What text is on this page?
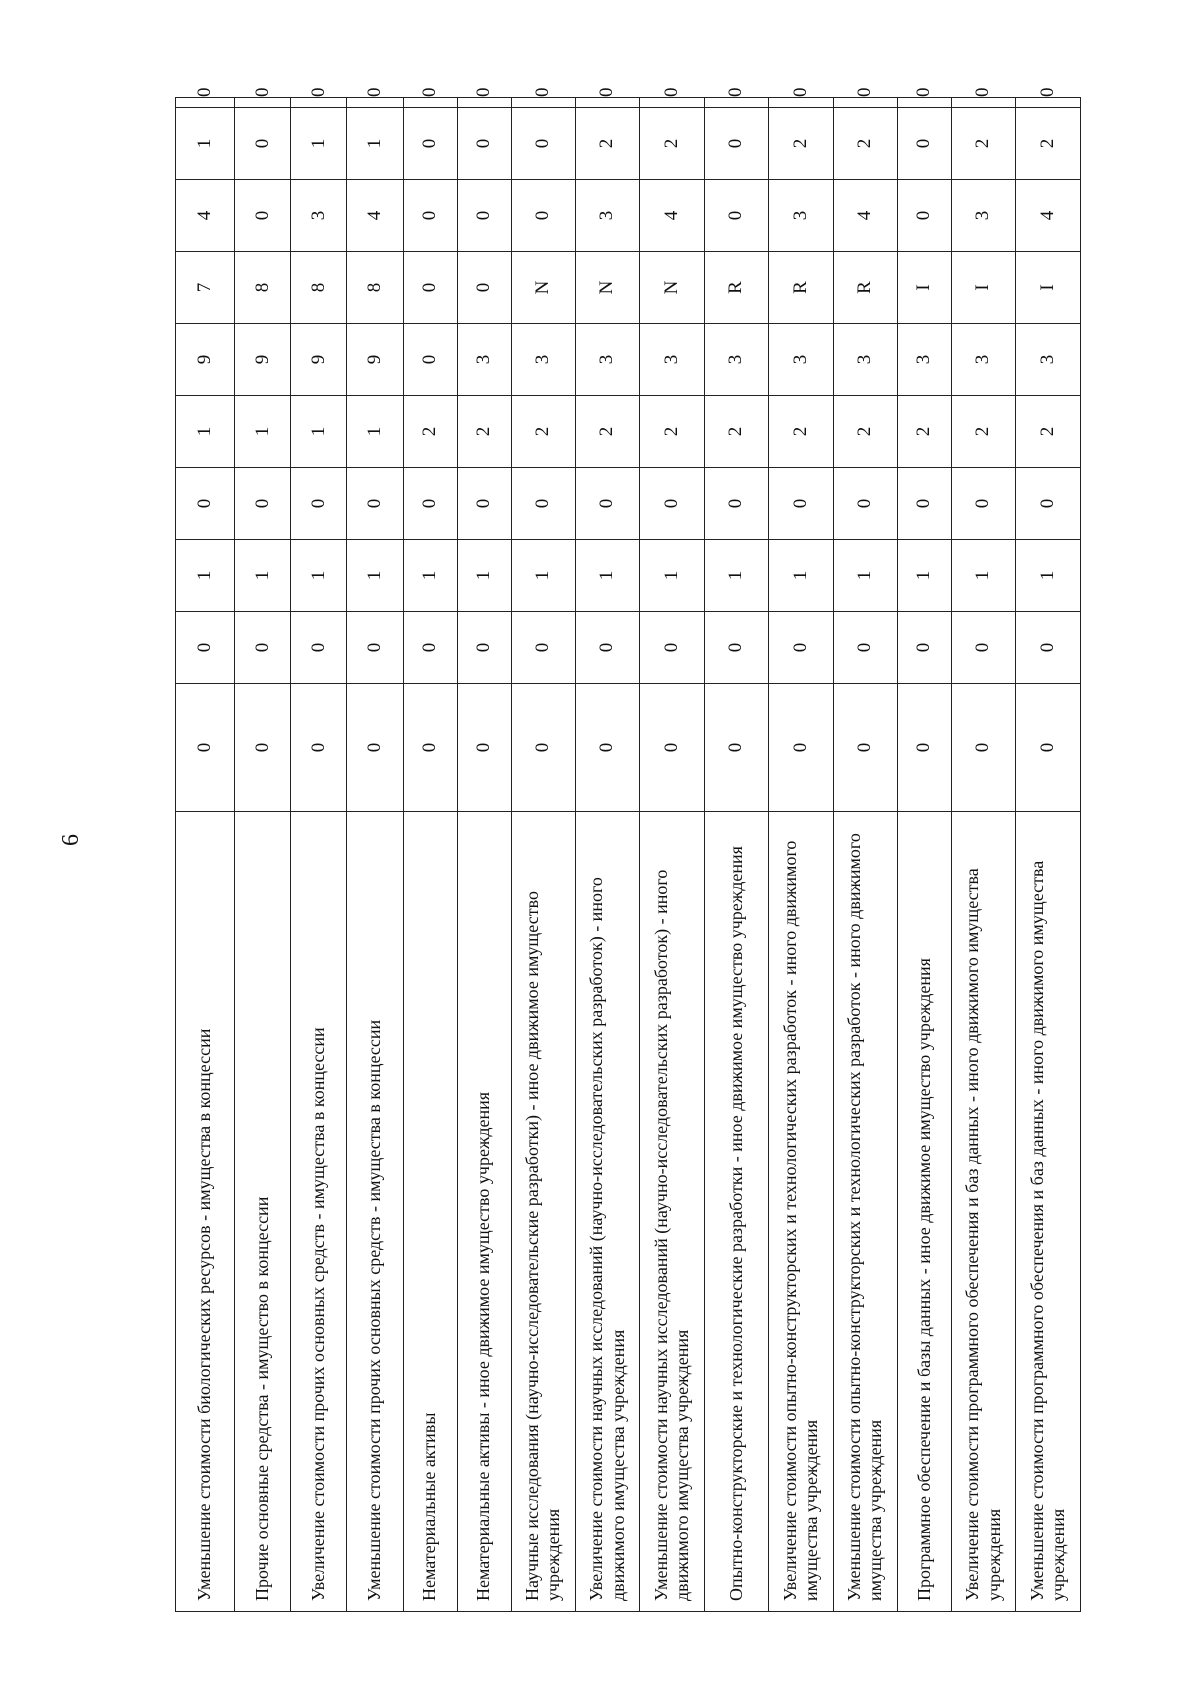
6
Уменьшение стоимости биологических ресурсов - имущества в концессии	0	0	1	0	1	9	7	4	1	0	
Прочие основные средства - имущество в концессии	0	0	1	0	1	9	8	0	0	0	
Увеличение стоимости прочих основных средств - имущества в концессии	0	0	1	0	1	9	8	3	1	0	
Уменьшение стоимости прочих основных средств - имущества в концессии	0	0	1	0	1	9	8	4	1	0	
Нематериальные активы	0	0	1	0	2	0	0	0	0	0	
Нематериальные активы - иное движимое имущество учреждения	0	0	1	0	2	3	0	0	0	0	
Научные исследования (научно-исследовательские разработки) - иное движимое имущество учреждения	0	0	1	0	2	3	N	0	0	0	
Увеличение стоимости научных исследований (научно-исследовательских разработок) - иного движимого имущества учреждения	0	0	1	0	2	3	N	3	2	0	
Уменьшение стоимости научных исследований (научно-исследовательских разработок) - иного движимого имущества учреждения	0	0	1	0	2	3	N	4	2	0	
Опытно-конструкторские и технологические разработки - иное движимое имущество учреждения	0	0	1	0	2	3	R	0	0	0	
Увеличение стоимости опытно-конструкторских и технологических разработок - иного движимого имущества учреждения	0	0	1	0	2	3	R	3	2	0	
Уменьшение стоимости опытно-конструкторских и технологических разработок - иного движимого имущества учреждения	0	0	1	0	2	3	R	4	2	0	
Программное обеспечение и базы данных - иное движимое имущество учреждения	0	0	1	0	2	3	I	0	0	0	
Увеличение стоимости программного обеспечения и баз данных - иного движимого имущества учреждения	0	0	1	0	2	3	I	3	2	0	
Уменьшение стоимости программного обеспечения и баз данных - иного движимого имущества учреждения	0	0	1	0	2	3	I	4	2	0	
